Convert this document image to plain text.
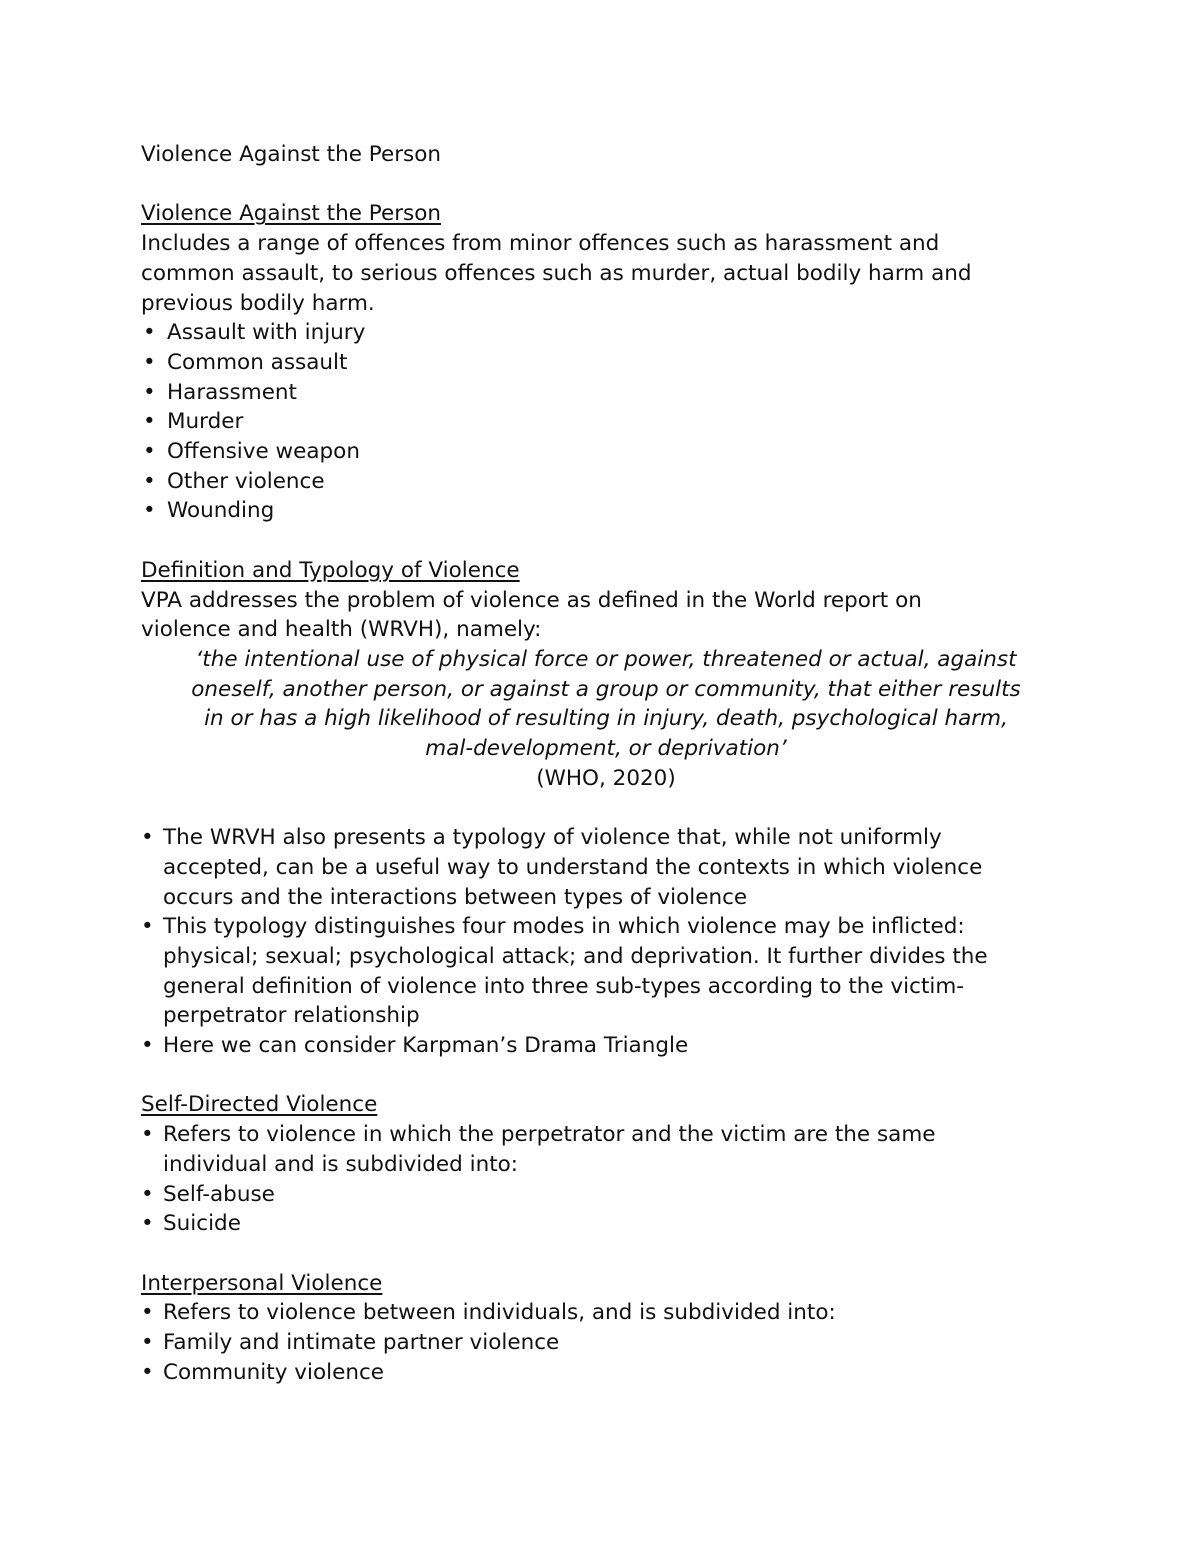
Violence Against the Person
Violence Against the Person
Includes a range of offences from minor offences such as harassment and
common assault, to serious offences such as murder, actual bodily harm and
previous bodily harm.
• Assault with injury
• Common assault
• Harassment
• Murder
• Offensive weapon
• Other violence
• Wounding
Definition and Typology of Violence
VPA addresses the problem of violence as defined in the World report on
violence and health (WRVH), namely:
‘the intentional use of physical force or power, threatened or actual, against
oneself, another person, or against a group or community, that either results
in or has a high likelihood of resulting in injury, death, psychological harm,
mal-development, or deprivation’
(WHO, 2020)
• The WRVH also presents a typology of violence that, while not uniformly
accepted, can be a useful way to understand the contexts in which violence
occurs and the interactions between types of violence
• This typology distinguishes four modes in which violence may be inflicted:
physical; sexual; psychological attack; and deprivation. It further divides the
general definition of violence into three sub-types according to the victim-
perpetrator relationship
• Here we can consider Karpman’s Drama Triangle
Self-Directed Violence
• Refers to violence in which the perpetrator and the victim are the same
individual and is subdivided into:
• Self-abuse
• Suicide
Interpersonal Violence
• Refers to violence between individuals, and is subdivided into:
• Family and intimate partner violence
• Community violence
